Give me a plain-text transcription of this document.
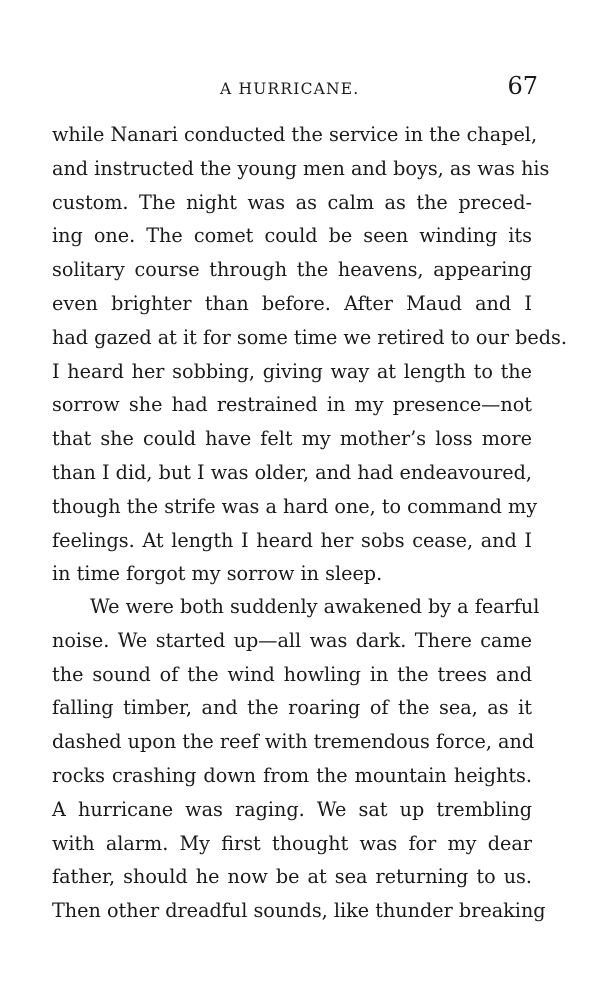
A HURRICANE.	67

while Nanari conducted the service in the chapel,
and instructed the young men and boys, as was his
custom. The night was as calm as the preced-
ing one. The comet could be seen winding its
solitary course through the heavens, appearing
even brighter than before. After Maud and I
had gazed at it for some time we retired to our beds.
I heard her sobbing, giving way at length to the
sorrow she had restrained in my presence—not
that she could have felt my mother’s loss more
than I did, but I was older, and had endeavoured,
though the strife was a hard one, to command my
feelings. At length I heard her sobs cease, and I
in time forgot my sorrow in sleep.

We were both suddenly awakened by a fearful
noise. We started up—all was dark. There came
the sound of the wind howling in the trees and
falling timber, and the roaring of the sea, as it
dashed upon the reef with tremendous force, and
rocks crashing down from the mountain heights.
A hurricane was raging. We sat up trembling
with alarm. My first thought was for my dear
father, should he now be at sea returning to us.
Then other dreadful sounds, like thunder breaking
